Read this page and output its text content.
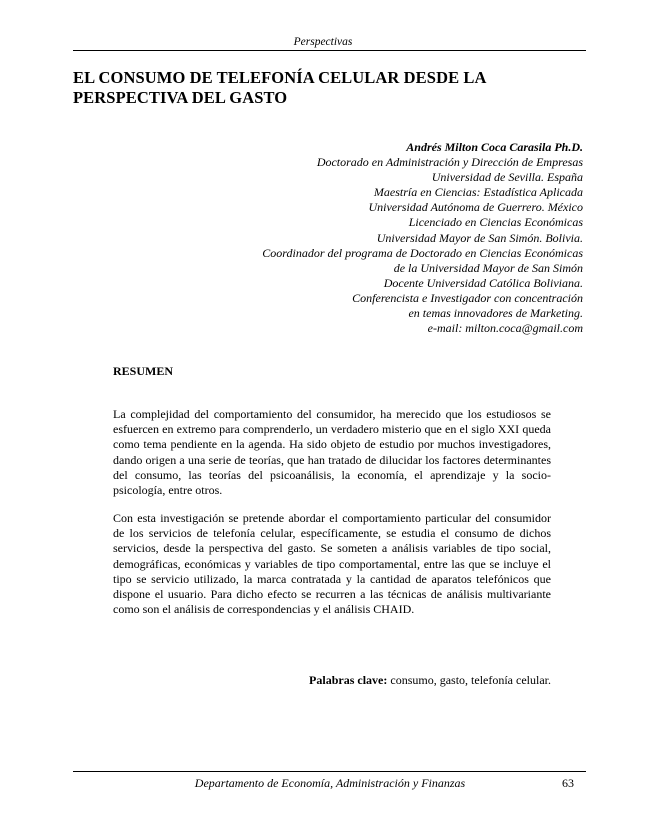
Perspectivas
EL CONSUMO DE TELEFONÍA CELULAR DESDE LA
PERSPECTIVA DEL GASTO
Andrés Milton Coca Carasila Ph.D.
Doctorado en Administración y Dirección de Empresas
Universidad de Sevilla. España
Maestría en Ciencias: Estadística Aplicada
Universidad Autónoma de Guerrero. México
Licenciado en Ciencias Económicas
Universidad Mayor de San Simón. Bolivia.
Coordinador del programa de Doctorado en Ciencias Económicas
de la Universidad Mayor de San Simón
Docente Universidad Católica Boliviana.
Conferencista e Investigador con concentración
en temas innovadores de Marketing.
e-mail: milton.coca@gmail.com
RESUMEN

La complejidad del comportamiento del consumidor, ha merecido que los estudiosos se esfuercen en extremo para comprenderlo, un verdadero misterio que en el siglo XXI queda como tema pendiente en la agenda. Ha sido objeto de estudio por muchos investigadores, dando origen a una serie de teorías, que han tratado de dilucidar los factores determinantes del consumo, las teorías del psicoanálisis, la economía, el aprendizaje y la socio-psicología, entre otros.

Con esta investigación se pretende abordar el comportamiento particular del consumidor de los servicios de telefonía celular, específicamente, se estudia el consumo de dichos servicios, desde la perspectiva del gasto. Se someten a análisis variables de tipo social, demográficas, económicas y variables de tipo comportamental, entre las que se incluye el tipo se servicio utilizado, la marca contratada y la cantidad de aparatos telefónicos que dispone el usuario. Para dicho efecto se recurren a las técnicas de análisis multivariante como son el análisis de correspondencias y el análisis CHAID.

Palabras clave: consumo, gasto, telefonía celular.
Departamento de Economía, Administración y Finanzas	63
